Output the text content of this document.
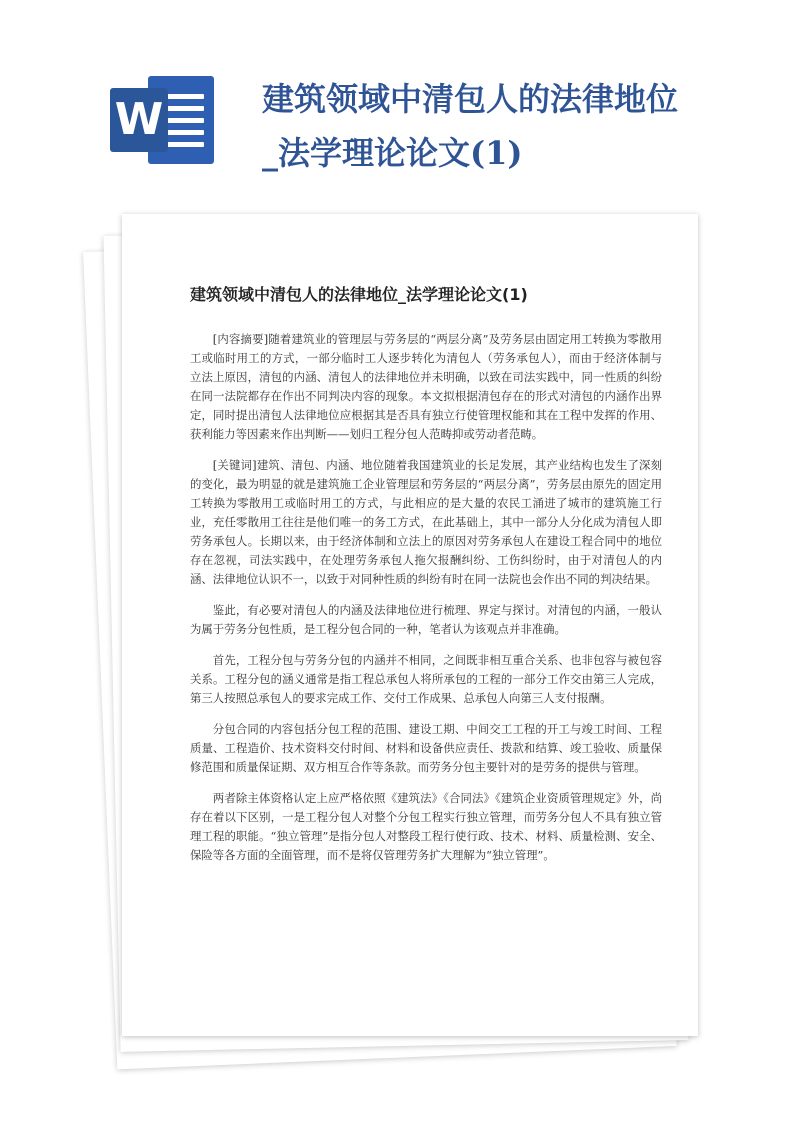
W	建筑领域中清包人的法律地位
_法学理论论文(1)
建筑领域中清包人的法律地位_法学理论论文(1)

[内容摘要]随着建筑业的管理层与劳务层的“两层分离”及劳务层由固定用工转换为零散用工或临时用工的方式，一部分临时工人逐步转化为清包人（劳务承包人），而由于经济体制与立法上原因，清包的内涵、清包人的法律地位并未明确，以致在司法实践中，同一性质的纠纷在同一法院都存在作出不同判决内容的现象。本文拟根据清包存在的形式对清包的内涵作出界定，同时提出清包人法律地位应根据其是否具有独立行使管理权能和其在工程中发挥的作用、获利能力等因素来作出判断——划归工程分包人范畴抑或劳动者范畴。

[关键词]建筑、清包、内涵、地位随着我国建筑业的长足发展，其产业结构也发生了深刻的变化，最为明显的就是建筑施工企业管理层和劳务层的“两层分离”，劳务层由原先的固定用工转换为零散用工或临时用工的方式，与此相应的是大量的农民工涌进了城市的建筑施工行业，充任零散用工往往是他们唯一的务工方式，在此基础上，其中一部分人分化成为清包人即劳务承包人。长期以来，由于经济体制和立法上的原因对劳务承包人在建设工程合同中的地位存在忽视，司法实践中，在处理劳务承包人拖欠报酬纠纷、工伤纠纷时，由于对清包人的内涵、法律地位认识不一，以致于对同种性质的纠纷有时在同一法院也会作出不同的判决结果。

鉴此，有必要对清包人的内涵及法律地位进行梳理、界定与探讨。对清包的内涵，一般认为属于劳务分包性质，是工程分包合同的一种，笔者认为该观点并非准确。

首先，工程分包与劳务分包的内涵并不相同，之间既非相互重合关系、也非包容与被包容关系。工程分包的涵义通常是指工程总承包人将所承包的工程的一部分工作交由第三人完成，第三人按照总承包人的要求完成工作、交付工作成果、总承包人向第三人支付报酬。

分包合同的内容包括分包工程的范围、建设工期、中间交工工程的开工与竣工时间、工程质量、工程造价、技术资料交付时间、材料和设备供应责任、拨款和结算、竣工验收、质量保修范围和质量保证期、双方相互合作等条款。而劳务分包主要针对的是劳务的提供与管理。

两者除主体资格认定上应严格依照《建筑法》《合同法》《建筑企业资质管理规定》外，尚存在着以下区别，一是工程分包人对整个分包工程实行独立管理，而劳务分包人不具有独立管理工程的职能。“独立管理”是指分包人对整段工程行使行政、技术、材料、质量检测、安全、保险等各方面的全面管理，而不是将仅管理劳务扩大理解为“独立管理”。
